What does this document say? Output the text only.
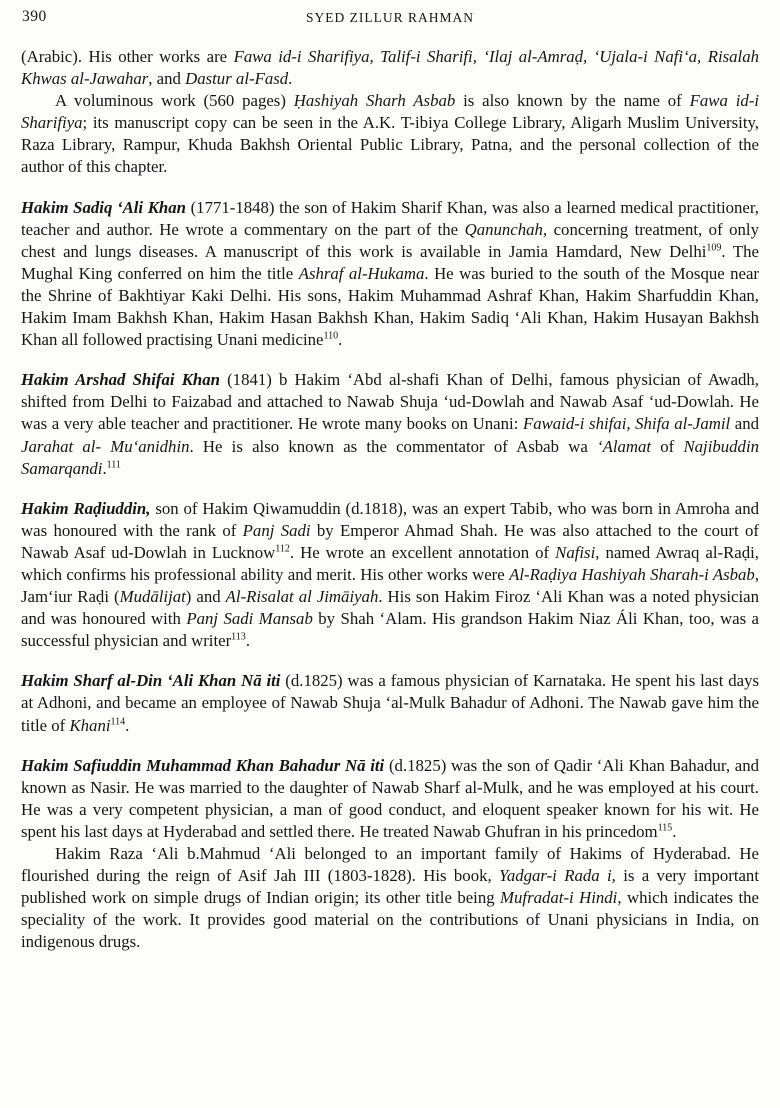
390	SYED ZILLUR RAHMAN

(Arabic). His other works are Fawa id-i Sharifiya, Talif-i Sharifi, ‘Ilaj al-Amraḍ, ‘Ujala-i Nafi‘a, Risalah Khwas al-Jawahar, and Dastur al-Fasd.

A voluminous work (560 pages) Ḥashiyah Sharh Asbab is also known by the name of Fawa id-i Sharifiya; its manuscript copy can be seen in the A.K. T-ibiya College Library, Aligarh Muslim University, Raza Library, Rampur, Khuda Bakhsh Oriental Public Library, Patna, and the personal collection of the author of this chapter.

Hakim Sadiq ‘Ali Khan (1771-1848) the son of Hakim Sharif Khan, was also a learned medical practitioner, teacher and author. He wrote a commentary on the part of the Qanunchah, concerning treatment, of only chest and lungs diseases. A manuscript of this work is available in Jamia Hamdard, New Delhi$^{109}$. The Mughal King conferred on him the title Ashraf al-Hukama. He was buried to the south of the Mosque near the Shrine of Bakhtiyar Kaki Delhi. His sons, Hakim Muhammad Ashraf Khan, Hakim Sharfuddin Khan, Hakim Imam Bakhsh Khan, Hakim Hasan Bakhsh Khan, Hakim Sadiq ‘Ali Khan, Hakim Husayan Bakhsh Khan all followed practising Unani medicine$^{110}$.

Hakim Arshad Shifai Khan (1841) b Hakim ‘Abd al-shafi Khan of Delhi, famous physician of Awadh, shifted from Delhi to Faizabad and attached to Nawab Shuja ‘ud-Dowlah and Nawab Asaf ‘ud-Dowlah. He was a very able teacher and practitioner. He wrote many books on Unani: Fawaid-i shifai, Shifa al-Jamil and Jarahat al- Mu‘anidhin. He is also known as the commentator of Asbab wa ‘Alamat of Najibuddin Samarqandi.$^{111}$

Hakim Raḍiuddin, son of Hakim Qiwamuddin (d.1818), was an expert Tabib, who was born in Amroha and was honoured with the rank of Panj Sadi by Emperor Ahmad Shah. He was also attached to the court of Nawab Asaf ud-Dowlah in Lucknow$^{112}$. He wrote an excellent annotation of Nafisi, named Awraq al-Raḍi, which confirms his professional ability and merit. His other works were Al-Raḍiya Hashiyah Sharah-i Asbab, Jam‘iur Raḍi (Mudālijat) and Al-Risalat al Jimāiyah. His son Hakim Firoz ‘Ali Khan was a noted physician and was honoured with Panj Sadi Mansab by Shah ‘Alam. His grandson Hakim Niaz Áli Khan, too, was a successful physician and writer$^{113}$.

Hakim Sharf al-Din ‘Ali Khan Nā iti (d.1825) was a famous physician of Karnataka. He spent his last days at Adhoni, and became an employee of Nawab Shuja ‘al-Mulk Bahadur of Adhoni. The Nawab gave him the title of Khani$^{114}$.

Hakim Safiuddin Muhammad Khan Bahadur Nā iti (d.1825) was the son of Qadir ‘Ali Khan Bahadur, and known as Nasir. He was married to the daughter of Nawab Sharf al-Mulk, and he was employed at his court. He was a very competent physician, a man of good conduct, and eloquent speaker known for his wit. He spent his last days at Hyderabad and settled there. He treated Nawab Ghufran in his princedom$^{115}$.

Hakim Raza ‘Ali b.Mahmud ‘Ali belonged to an important family of Hakims of Hyderabad. He flourished during the reign of Asif Jah III (1803-1828). His book, Yadgar-i Rada i, is a very important published work on simple drugs of Indian origin; its other title being Mufradat-i Hindi, which indicates the speciality of the work. It provides good material on the contributions of Unani physicians in India, on indigenous drugs.
